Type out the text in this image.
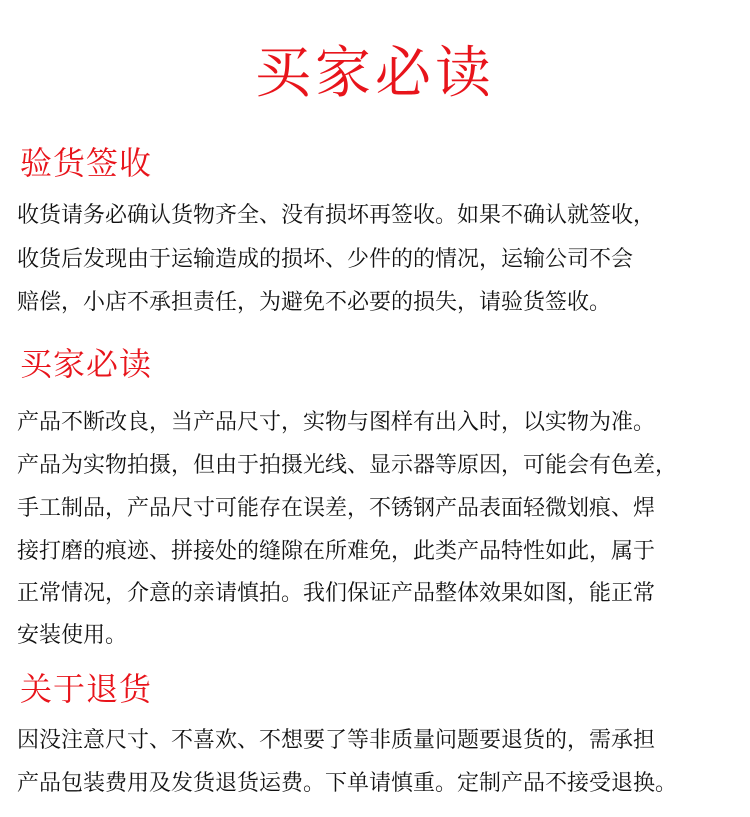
买家必读
验货签收

收货请务必确认货物齐全、没有损坏再签收。如果不确认就签收，

收货后发现由于运输造成的损坏、少件的的情况，运输公司不会

赔偿，小店不承担责任，为避免不必要的损失，请验货签收。

买家必读

产品不断改良，当产品尺寸，实物与图样有出入时，以实物为准。

产品为实物拍摄，但由于拍摄光线、显示器等原因，可能会有色差，

手工制品，产品尺寸可能存在误差，不锈钢产品表面轻微划痕、焊

接打磨的痕迹、拼接处的缝隙在所难免，此类产品特性如此，属于

正常情况，介意的亲请慎拍。我们保证产品整体效果如图，能正常

安装使用。

关于退货

因没注意尺寸、不喜欢、不想要了等非质量问题要退货的，需承担

产品包装费用及发货退货运费。下单请慎重。定制产品不接受退换。
